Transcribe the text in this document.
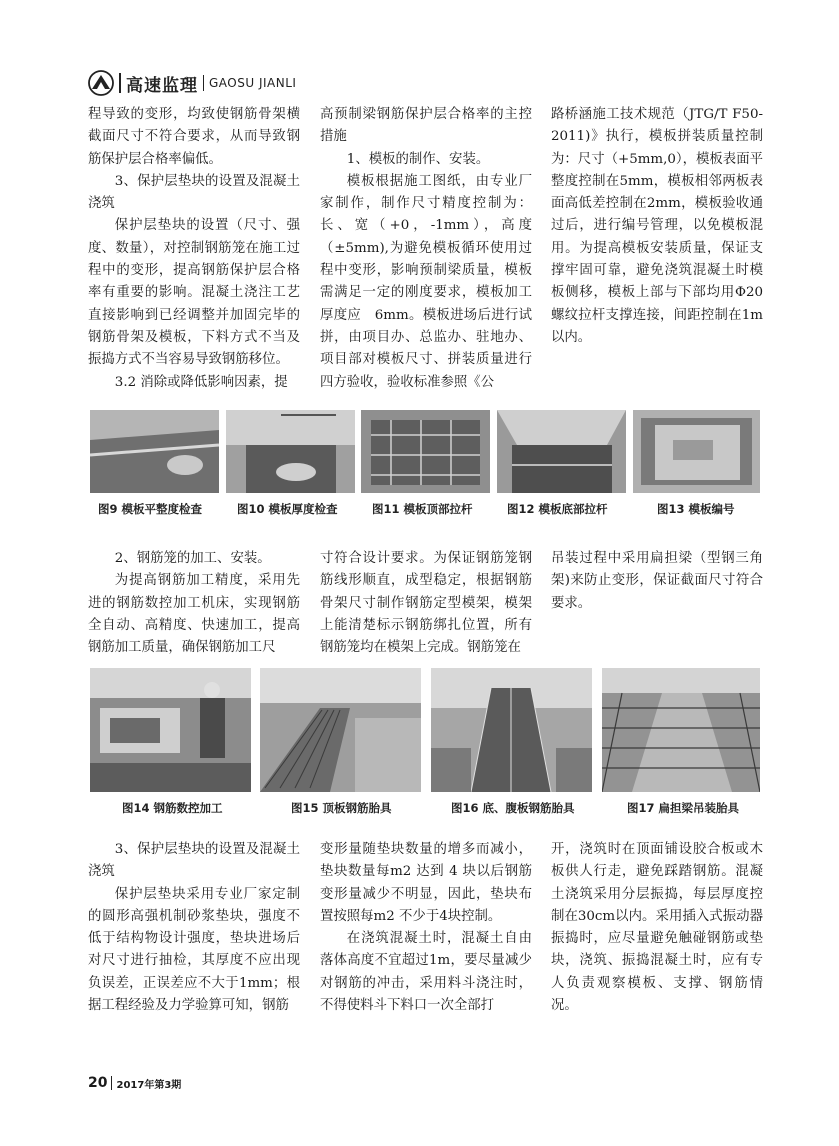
高速监理 GAOSU JIANLI

程导致的变形，均致使钢筋骨架横截面尺寸不符合要求，从而导致钢筋保护层合格率偏低。

3、保护层垫块的设置及混凝土浇筑

保护层垫块的设置（尺寸、强度、数量），对控制钢筋笼在施工过程中的变形，提高钢筋保护层合格率有重要的影响。混凝土浇注工艺直接影响到已经调整并加固完毕的钢筋骨架及模板，下料方式不当及振捣方式不当容易导致钢筋移位。

3.2 消除或降低影响因素，提

高预制梁钢筋保护层合格率的主控措施

1、模板的制作、安装。

模板根据施工图纸，由专业厂家制作，制作尺寸精度控制为：长、宽（+0，-1mm），高度（±5mm),为避免模板循环使用过程中变形，影响预制梁质量，模板需满足一定的刚度要求，模板加工厚度应　6mm。模板进场后进行试拼，由项目办、总监办、驻地办、项目部对模板尺寸、拼装质量进行四方验收，验收标准参照《公

路桥涵施工技术规范（JTG/T F50-2011)》执行，模板拼装质量控制为：尺寸（+5mm,0），模板表面平整度控制在5mm，模板相邻两板表面高低差控制在2mm，模板验收通过后，进行编号管理，以免模板混用。为提高模板安装质量，保证支撑牢固可靠，避免浇筑混凝土时模板侧移，模板上部与下部均用Φ20螺纹拉杆支撑连接，间距控制在1m以内。

图9 模板平整度检查	图10 模板厚度检查	图11 模板顶部拉杆	图12 模板底部拉杆	图13 模板编号

2、钢筋笼的加工、安装。

为提高钢筋加工精度，采用先进的钢筋数控加工机床，实现钢筋全自动、高精度、快速加工，提高钢筋加工质量，确保钢筋加工尺

寸符合设计要求。为保证钢筋笼钢筋线形顺直，成型稳定，根据钢筋骨架尺寸制作钢筋定型模架，模架上能清楚标示钢筋绑扎位置，所有钢筋笼均在模架上完成。钢筋笼在

吊装过程中采用扁担梁（型钢三角架)来防止变形，保证截面尺寸符合要求。

图14 钢筋数控加工	图15 顶板钢筋胎具	图16 底、腹板钢筋胎具	图17 扁担梁吊装胎具

3、保护层垫块的设置及混凝土浇筑

保护层垫块采用专业厂家定制的圆形高强机制砂浆垫块，强度不低于结构物设计强度，垫块进场后对尺寸进行抽检，其厚度不应出现负误差，正误差应不大于1mm；根据工程经验及力学验算可知，钢筋

变形量随垫块数量的增多而减小，垫块数量每m2 达到 4 块以后钢筋变形量减少不明显，因此，垫块布置按照每m2 不少于4块控制。

在浇筑混凝土时，混凝土自由落体高度不宜超过1m，要尽量减少对钢筋的冲击，采用料斗浇注时，不得使料斗下料口一次全部打

开，浇筑时在顶面铺设胶合板或木板供人行走，避免踩踏钢筋。混凝土浇筑采用分层振捣，每层厚度控制在30cm以内。采用插入式振动器振捣时，应尽量避免触碰钢筋或垫块，浇筑、振捣混凝土时，应有专人负责观察模板、支撑、钢筋情况。

20 2017年第3期
